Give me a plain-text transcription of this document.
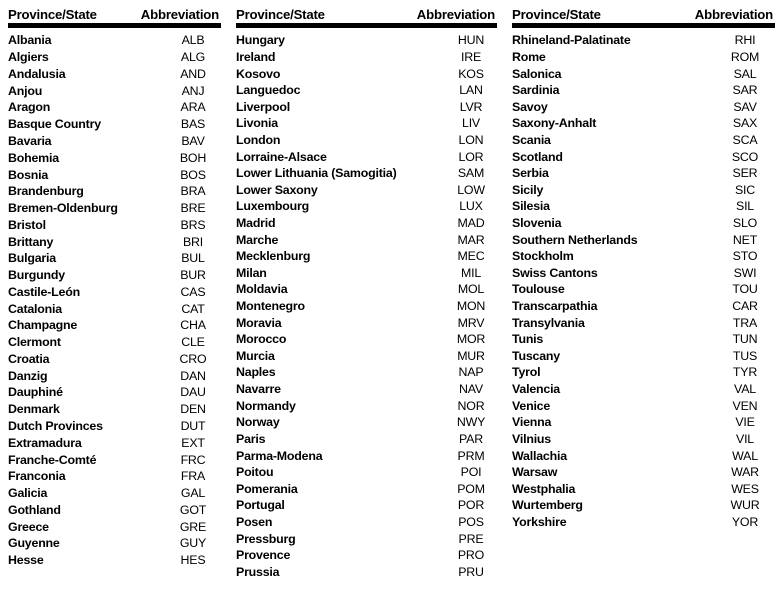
Province/State	Abbreviation
Albania	ALB
Algiers	ALG
Andalusia	AND
Anjou	ANJ
Aragon	ARA
Basque Country	BAS
Bavaria	BAV
Bohemia	BOH
Bosnia	BOS
Brandenburg	BRA
Bremen-Oldenburg	BRE
Bristol	BRS
Brittany	BRI
Bulgaria	BUL
Burgundy	BUR
Castile-León	CAS
Catalonia	CAT
Champagne	CHA
Clermont	CLE
Croatia	CRO
Danzig	DAN
Dauphiné	DAU
Denmark	DEN
Dutch Provinces	DUT
Extramadura	EXT
Franche-Comté	FRC
Franconia	FRA
Galicia	GAL
Gothland	GOT
Greece	GRE
Guyenne	GUY
Hesse	HES
Province/State	Abbreviation
Hungary	HUN
Ireland	IRE
Kosovo	KOS
Languedoc	LAN
Liverpool	LVR
Livonia	LIV
London	LON
Lorraine-Alsace	LOR
Lower Lithuania (Samogitia)	SAM
Lower Saxony	LOW
Luxembourg	LUX
Madrid	MAD
Marche	MAR
Mecklenburg	MEC
Milan	MIL
Moldavia	MOL
Montenegro	MON
Moravia	MRV
Morocco	MOR
Murcia	MUR
Naples	NAP
Navarre	NAV
Normandy	NOR
Norway	NWY
Paris	PAR
Parma-Modena	PRM
Poitou	POI
Pomerania	POM
Portugal	POR
Posen	POS
Pressburg	PRE
Provence	PRO
Prussia	PRU
Province/State	Abbreviation
Rhineland-Palatinate	RHI
Rome	ROM
Salonica	SAL
Sardinia	SAR
Savoy	SAV
Saxony-Anhalt	SAX
Scania	SCA
Scotland	SCO
Serbia	SER
Sicily	SIC
Silesia	SIL
Slovenia	SLO
Southern Netherlands	NET
Stockholm	STO
Swiss Cantons	SWI
Toulouse	TOU
Transcarpathia	CAR
Transylvania	TRA
Tunis	TUN
Tuscany	TUS
Tyrol	TYR
Valencia	VAL
Venice	VEN
Vienna	VIE
Vilnius	VIL
Wallachia	WAL
Warsaw	WAR
Westphalia	WES
Wurtemberg	WUR
Yorkshire	YOR
